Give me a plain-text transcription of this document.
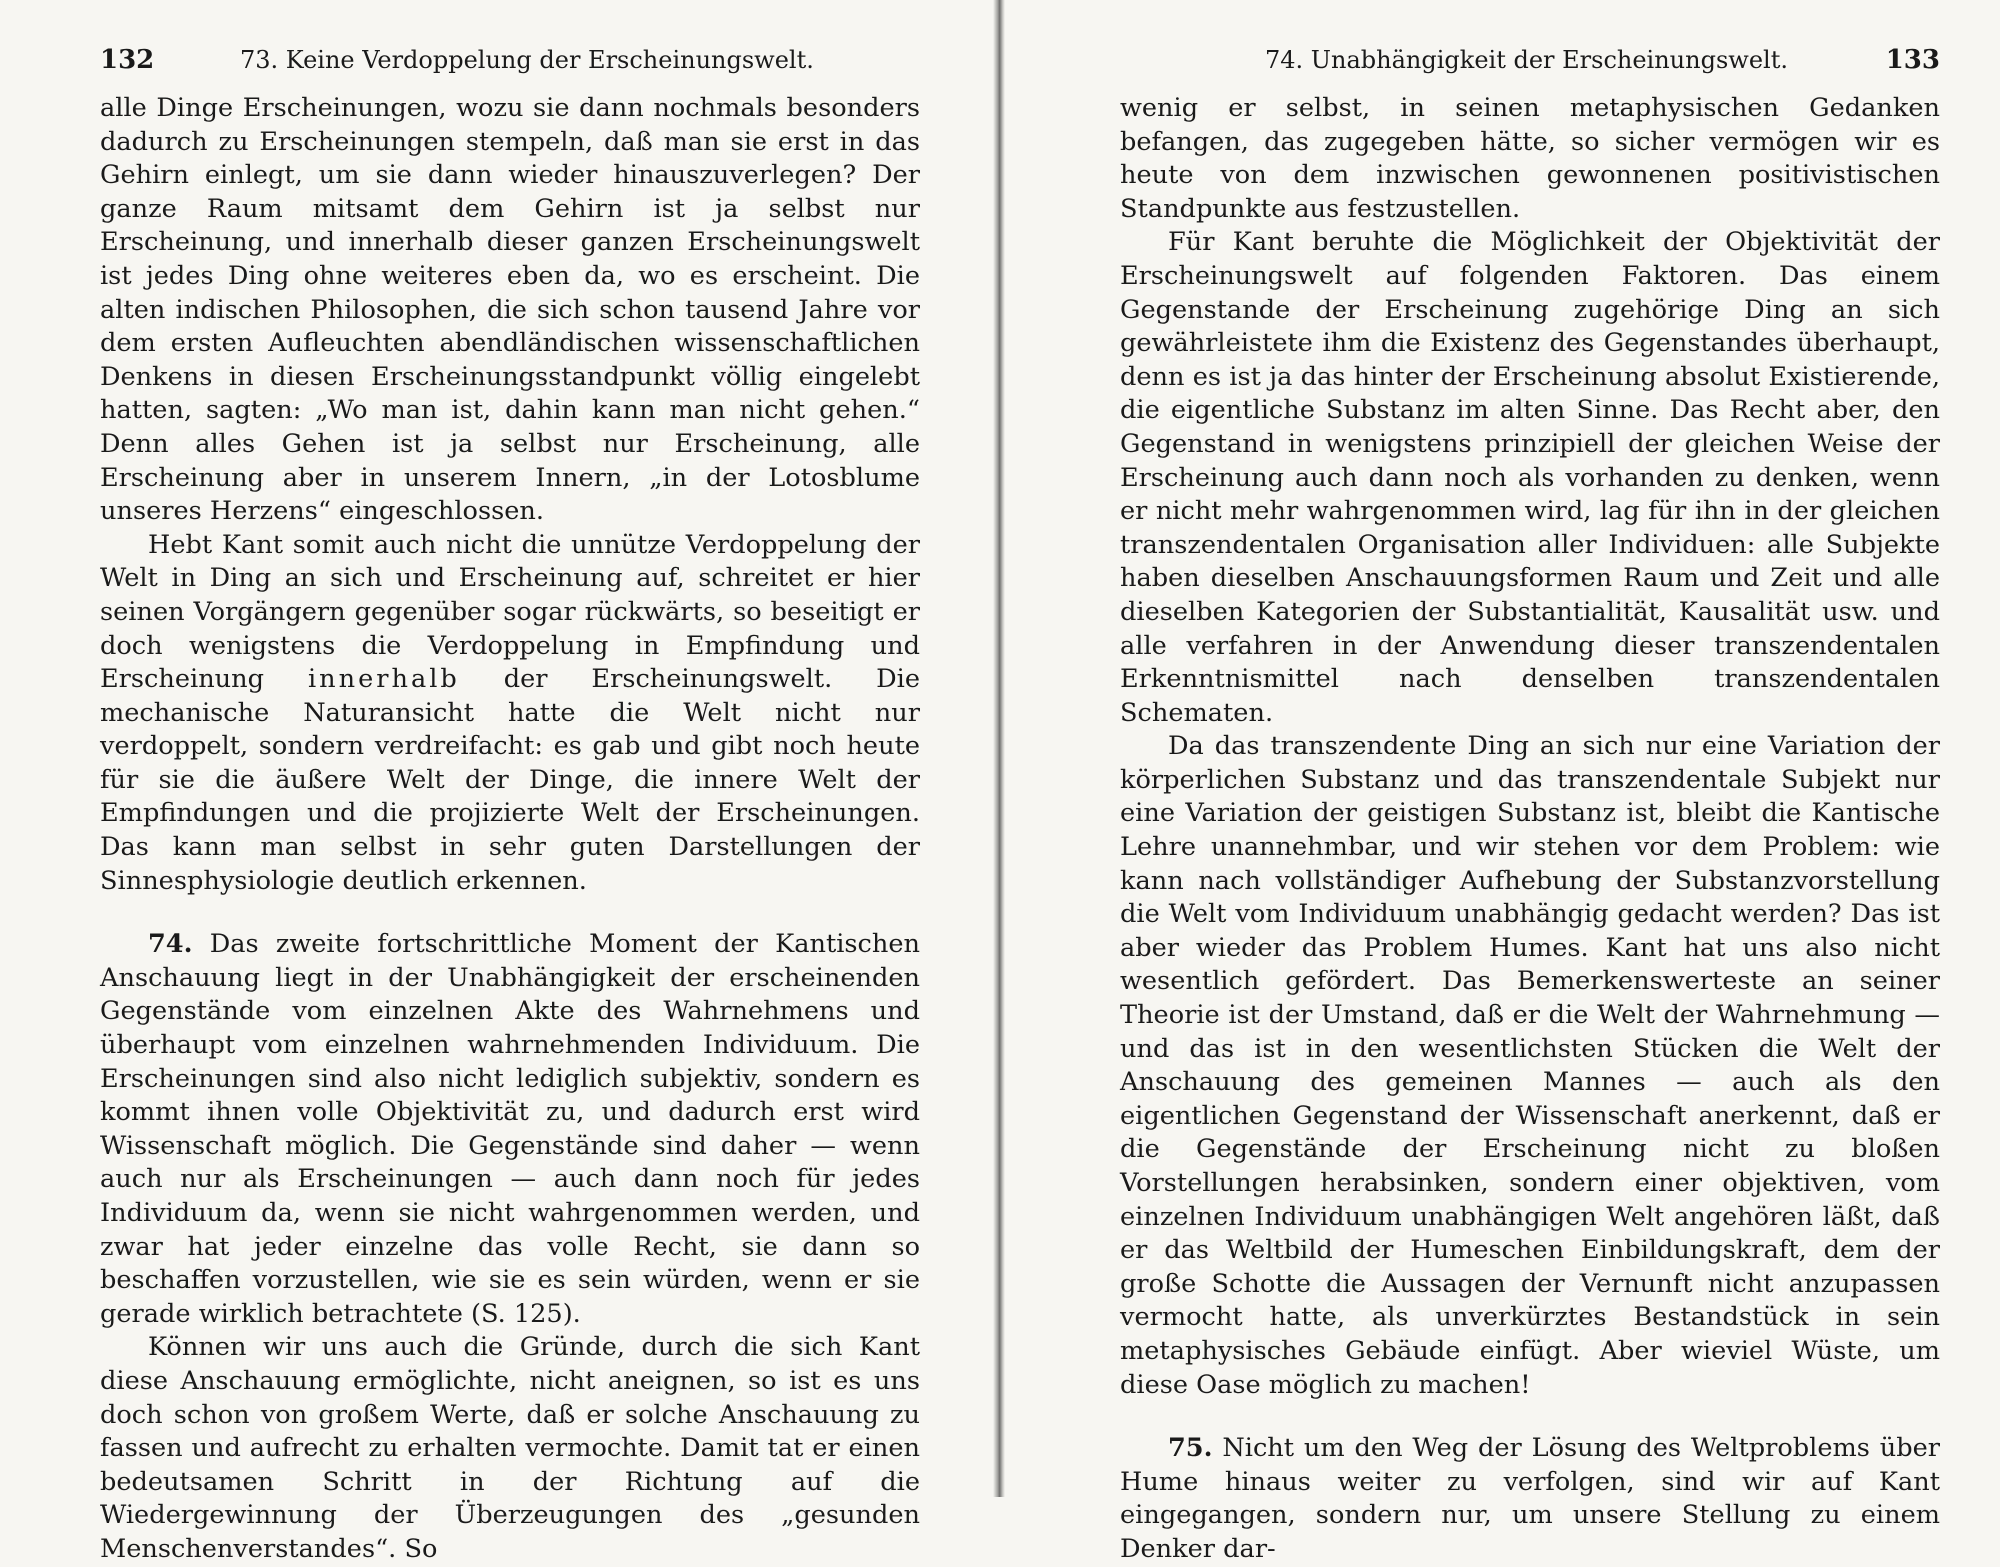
132	73. Keine Verdoppelung der Erscheinungswelt.

alle Dinge Erscheinungen, wozu sie dann nochmals besonders dadurch zu Erscheinungen stempeln, daß man sie erst in das Gehirn einlegt, um sie dann wieder hinauszuverlegen? Der ganze Raum mitsamt dem Gehirn ist ja selbst nur Erscheinung, und innerhalb dieser ganzen Erscheinungswelt ist jedes Ding ohne weiteres eben da, wo es erscheint. Die alten indischen Philosophen, die sich schon tausend Jahre vor dem ersten Aufleuchten abendländischen wissenschaftlichen Denkens in diesen Erscheinungsstandpunkt völlig eingelebt hatten, sagten: „Wo man ist, dahin kann man nicht gehen.“ Denn alles Gehen ist ja selbst nur Erscheinung, alle Erscheinung aber in unserem Innern, „in der Lotosblume unseres Herzens“ eingeschlossen.

Hebt Kant somit auch nicht die unnütze Verdoppelung der Welt in Ding an sich und Erscheinung auf, schreitet er hier seinen Vorgängern gegenüber sogar rückwärts, so beseitigt er doch wenigstens die Verdoppelung in Empfindung und Erscheinung innerhalb der Erscheinungswelt. Die mechanische Naturansicht hatte die Welt nicht nur verdoppelt, sondern verdreifacht: es gab und gibt noch heute für sie die äußere Welt der Dinge, die innere Welt der Empfindungen und die projizierte Welt der Erscheinungen. Das kann man selbst in sehr guten Darstellungen der Sinnesphysiologie deutlich erkennen.

74. Das zweite fortschrittliche Moment der Kantischen Anschauung liegt in der Unabhängigkeit der erscheinenden Gegenstände vom einzelnen Akte des Wahrnehmens und überhaupt vom einzelnen wahrnehmenden Individuum. Die Erscheinungen sind also nicht lediglich subjektiv, sondern es kommt ihnen volle Objektivität zu, und dadurch erst wird Wissenschaft möglich. Die Gegenstände sind daher — wenn auch nur als Erscheinungen — auch dann noch für jedes Individuum da, wenn sie nicht wahrgenommen werden, und zwar hat jeder einzelne das volle Recht, sie dann so beschaffen vorzustellen, wie sie es sein würden, wenn er sie gerade wirklich betrachtete (S. 125).

Können wir uns auch die Gründe, durch die sich Kant diese Anschauung ermöglichte, nicht aneignen, so ist es uns doch schon von großem Werte, daß er solche Anschauung zu fassen und aufrecht zu erhalten vermochte. Damit tat er einen bedeutsamen Schritt in der Richtung auf die Wiedergewinnung der Überzeugungen des „gesunden Menschenverstandes“. So

74. Unabhängigkeit der Erscheinungswelt.	133

wenig er selbst, in seinen metaphysischen Gedanken befangen, das zugegeben hätte, so sicher vermögen wir es heute von dem inzwischen gewonnenen positivistischen Standpunkte aus festzustellen.

Für Kant beruhte die Möglichkeit der Objektivität der Erscheinungswelt auf folgenden Faktoren. Das einem Gegenstande der Erscheinung zugehörige Ding an sich gewährleistete ihm die Existenz des Gegenstandes überhaupt, denn es ist ja das hinter der Erscheinung absolut Existierende, die eigentliche Substanz im alten Sinne. Das Recht aber, den Gegenstand in wenigstens prinzipiell der gleichen Weise der Erscheinung auch dann noch als vorhanden zu denken, wenn er nicht mehr wahrgenommen wird, lag für ihn in der gleichen transzendentalen Organisation aller Individuen: alle Subjekte haben dieselben Anschauungsformen Raum und Zeit und alle dieselben Kategorien der Substantialität, Kausalität usw. und alle verfahren in der Anwendung dieser transzendentalen Erkenntnismittel nach denselben transzendentalen Schematen.

Da das transzendente Ding an sich nur eine Variation der körperlichen Substanz und das transzendentale Subjekt nur eine Variation der geistigen Substanz ist, bleibt die Kantische Lehre unannehmbar, und wir stehen vor dem Problem: wie kann nach vollständiger Aufhebung der Substanzvorstellung die Welt vom Individuum unabhängig gedacht werden? Das ist aber wieder das Problem Humes. Kant hat uns also nicht wesentlich gefördert. Das Bemerkenswerteste an seiner Theorie ist der Umstand, daß er die Welt der Wahrnehmung — und das ist in den wesentlichsten Stücken die Welt der Anschauung des gemeinen Mannes — auch als den eigentlichen Gegenstand der Wissenschaft anerkennt, daß er die Gegenstände der Erscheinung nicht zu bloßen Vorstellungen herabsinken, sondern einer objektiven, vom einzelnen Individuum unabhängigen Welt angehören läßt, daß er das Weltbild der Humeschen Einbildungskraft, dem der große Schotte die Aussagen der Vernunft nicht anzupassen vermocht hatte, als unverkürztes Bestandstück in sein metaphysisches Gebäude einfügt. Aber wieviel Wüste, um diese Oase möglich zu machen!

75. Nicht um den Weg der Lösung des Weltproblems über Hume hinaus weiter zu verfolgen, sind wir auf Kant eingegangen, sondern nur, um unsere Stellung zu einem Denker dar-
